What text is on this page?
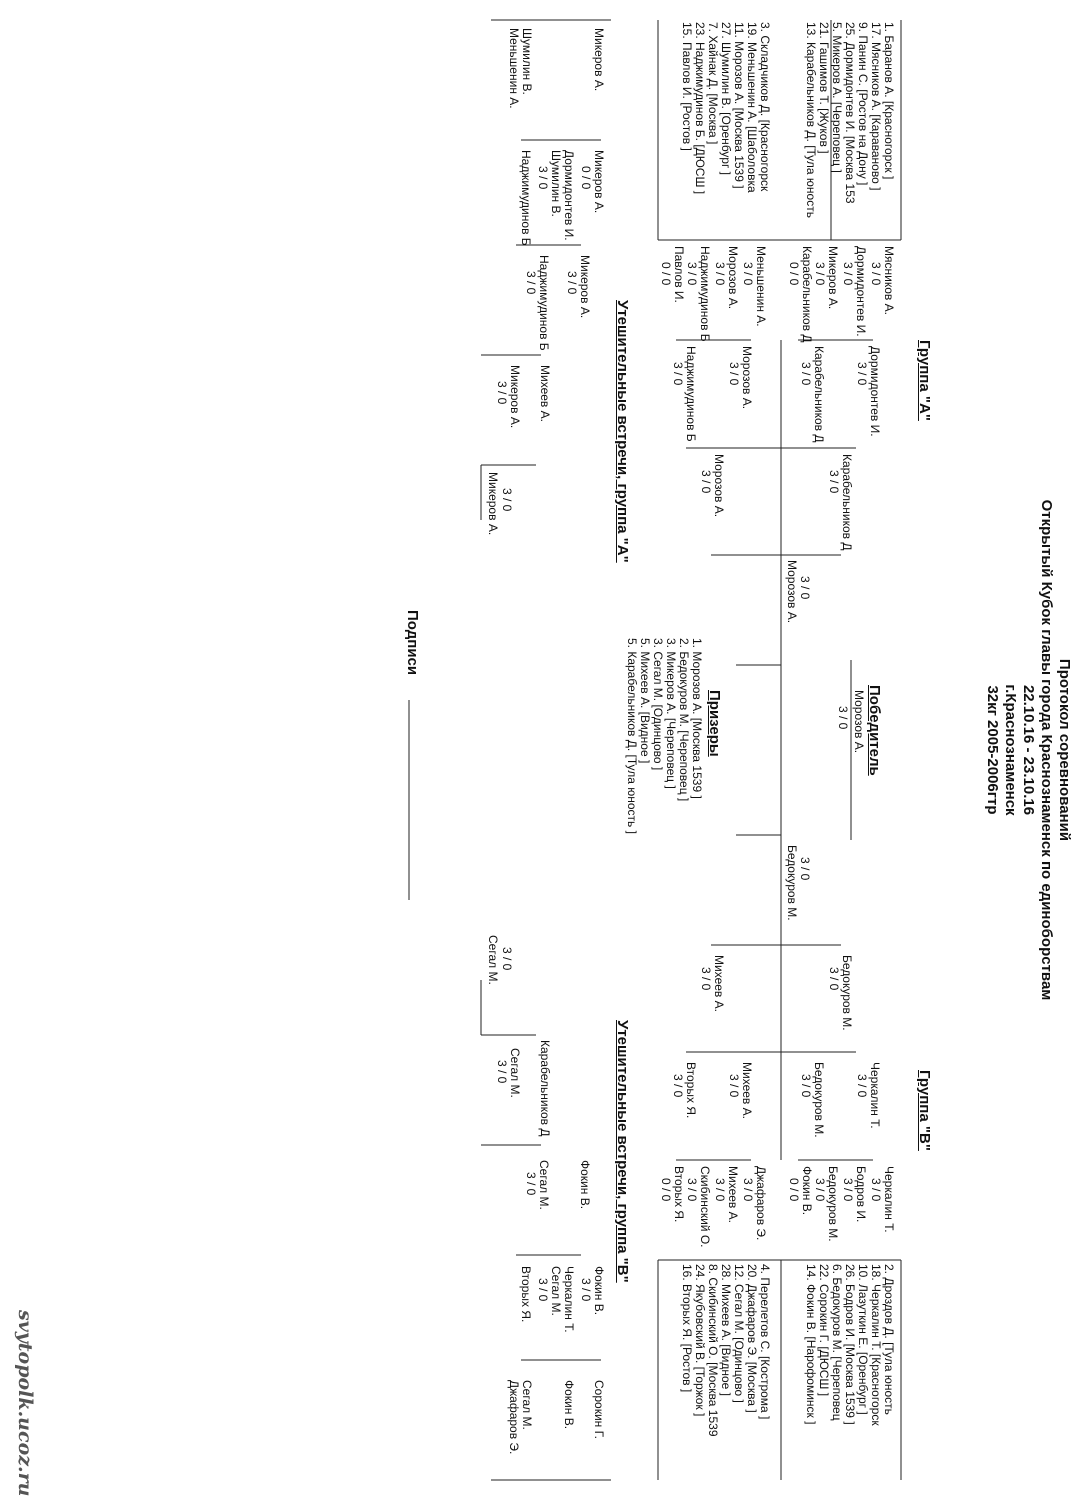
Протокол соревнований
Открытый Кубок главы города Краснознаменск по единоборствам
22.10.16 - 23.10.16
г.Краснознаменск
32кг 2005-2006гтр
Группа "А"
1. Баранов А. [Красногорск ]
17. Мясников А. [Караваново ]
9. Панин С. [Ростов на Дону ]
25. Дормидонтев И. [Москва 153
5. Микеров А. [Череповец ]
21. Гашимов Т. [Жуков ]
13. Карабельников Д. [Тула юность
3. Складчиков Д. [Красногорск
19. Меньшенин А. [Шаболовка
11. Морозов А. [Москва 1539 ]
27. Шумилин В. [Оренбург ]
7. Хайнак Д. [Москва ]
23. Наджимудинов Б. [ДЮСШ ]
15. Павлов И. [Ростов ]
Мясников А.
3 / 0
Дормидонтев И.
3 / 0
Микеров А.
3 / 0
Карабельников Д
0 / 0
Меньшенин А.
3 / 0
Морозов А.
3 / 0
Наджимудинов Б
3 / 0
Павлов И.
0 / 0
Дормидонтев И.
3 / 0
Карабельников Д
3 / 0
Морозов А.
3 / 0
Наджимудинов Б
3 / 0
Карабельников Д
3 / 0
Морозов А.
3 / 0
Морозов А. 3 / 0
Победитель
Морозов А.
3 / 0
Призеры
1. Морозов А. [Москва 1539 ]
2. Бедокуров М. [Череповец ]
3. Микеров А. [Череповец ]
3. Сегал М. [Одинцово ]
5. Михеев А. [Видное ]
5. Карабельников Д. [Тула юность ]
Группа "В"
2. Дроздов Д. [Тула юность
18. Черкалин Т. [Красногорск
10. Лазуткин Е. [Оренбург ]
26. Бодров И. [Москва 1539 ]
6. Бедокуров М. [Череповец
22. Сорокин Г. [ДЮСШ ]
14. Фокин В. [Нарофоминск ]
4. Перелетов С. [Кострома ]
20. Джафаров Э. [Москва ]
12. Сегал М. [Одинцово ]
28. Михеев А. [Видное ]
8. Скибинский О. [Москва 1539
24. Якубовский В. [Торжок ]
16. Вторых Я. [Ростов ]
Черкалин Т.
3 / 0
Бодров И.
3 / 0
Бедокуров М.
3 / 0
Фокин В.
0 / 0
Джафаров Э.
3 / 0
Михеев А.
3 / 0
Скибинский О.
3 / 0
Вторых Я.
0 / 0
Черкалин Т.
3 / 0
Бедокуров М.
3 / 0
Михеев А.
3 / 0
Вторых Я.
3 / 0
Бедокуров М.
3 / 0
Михеев А.
3 / 0
Бедокуров М. 3 / 0
Утешительные встречи, группа "А"
Микеров А.
Шумилин В.
Меньшенин А.
Микеров А.
0 / 0
Дормидонтев И.
Шумилин В.
3 / 0
Наджимудинов Б
Микеров А.
3 / 0
Наджимудинов Б
3 / 0
Михеев А.
Микеров А.
3 / 0
Микеров А. 3 / 0
Утешительные встречи, группа "В"
Сорокин Г.
Фокин В.
Сегал М.
Джафаров Э.
Фокин В.
3 / 0
Черкалин Т.
Сегал М.
3 / 0
Вторых Я.
Фокин В.
Сегал М.
3 / 0
Карабельников Д
Сегал М.
3 / 0
Сегал М. 3 / 0
Подписи
svytopolk.ucoz.ru
